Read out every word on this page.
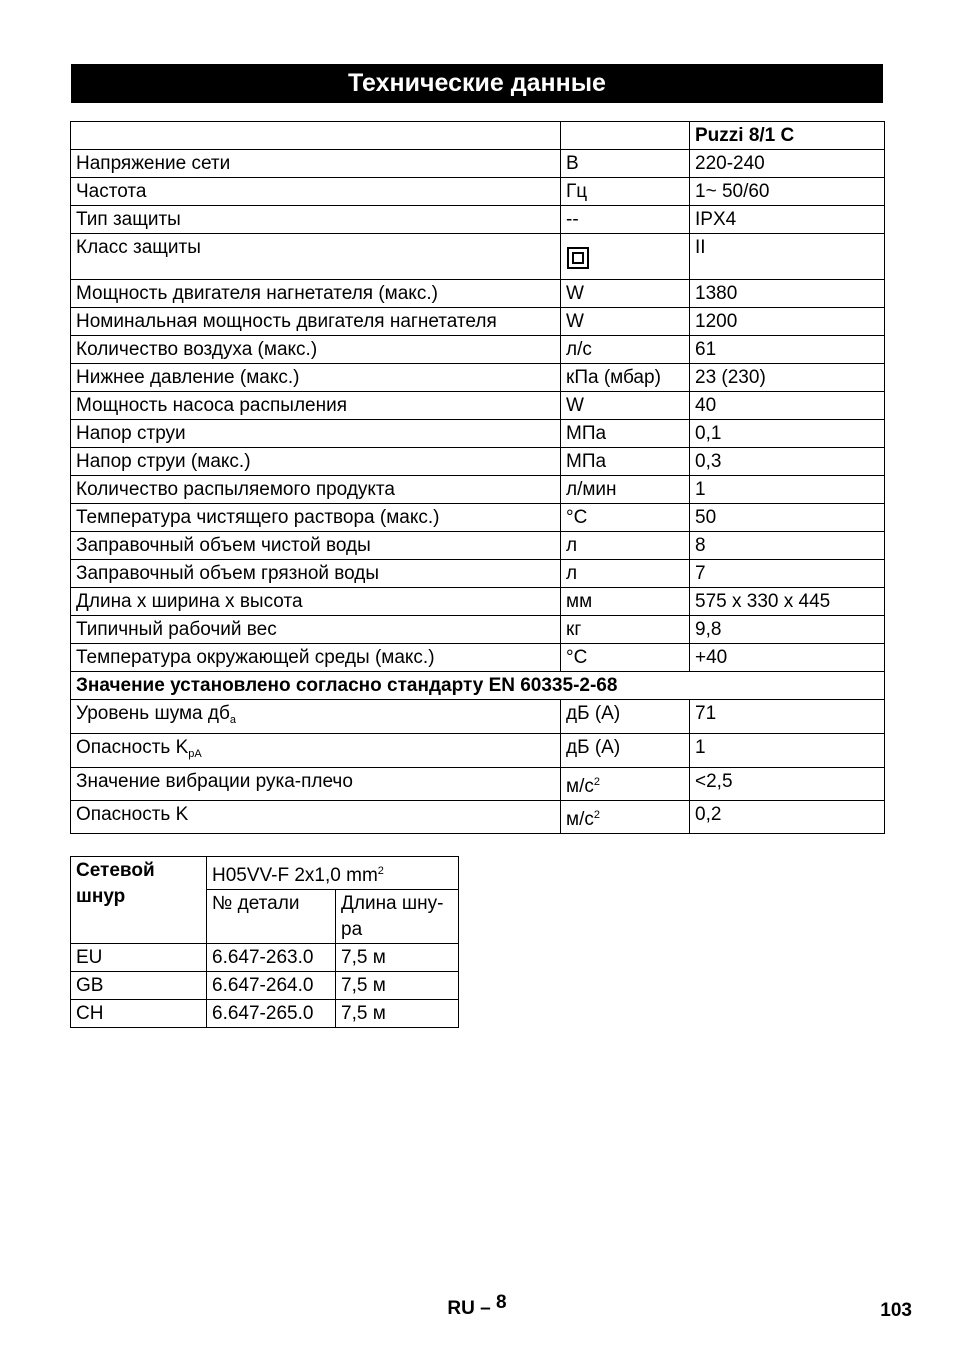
Технические данные
		Puzzi 8/1 C
Напряжение сети	В	220-240
Частота	Гц	1~ 50/60
Тип защиты	--	IPX4
Класс защиты		II
Мощность двигателя нагнетателя (макс.)	W	1380
Номинальная мощность двигателя нагнетателя	W	1200
Количество воздуха (макс.)	л/с	61
Нижнее давление (макс.)	кПа (мбар)	23 (230)
Мощность насоса распыления	W	40
Напор струи	МПа	0,1
Напор струи (макс.)	МПа	0,3
Количество распыляемого продукта	л/мин	1
Температура чистящего раствора (макс.)	°C	50
Заправочный объем чистой воды	л	8
Заправочный объем грязной воды	л	7
Длина x ширина x высота	мм	575 x 330 x 445
Типичный рабочий вес	кг	9,8
Температура окружающей среды (макс.)	°C	+40
Значение установлено согласно стандарту EN 60335-2-68		
Уровень шума $дб_a$	дБ (A)	71
Опасность $K_{pA}$	дБ (A)	1
Значение вибрации рука-плечо	$м/с^2$	<2,5
Опасность K	$м/с^2$	0,2
Сетевой шнур	H05VV-F 2x1,0 $mm^2$
	№ детали	Длина шну-ра
EU	6.647-263.0	7,5 м
GB	6.647-264.0	7,5 м
CH	6.647-265.0	7,5 м
RU – 8	103
